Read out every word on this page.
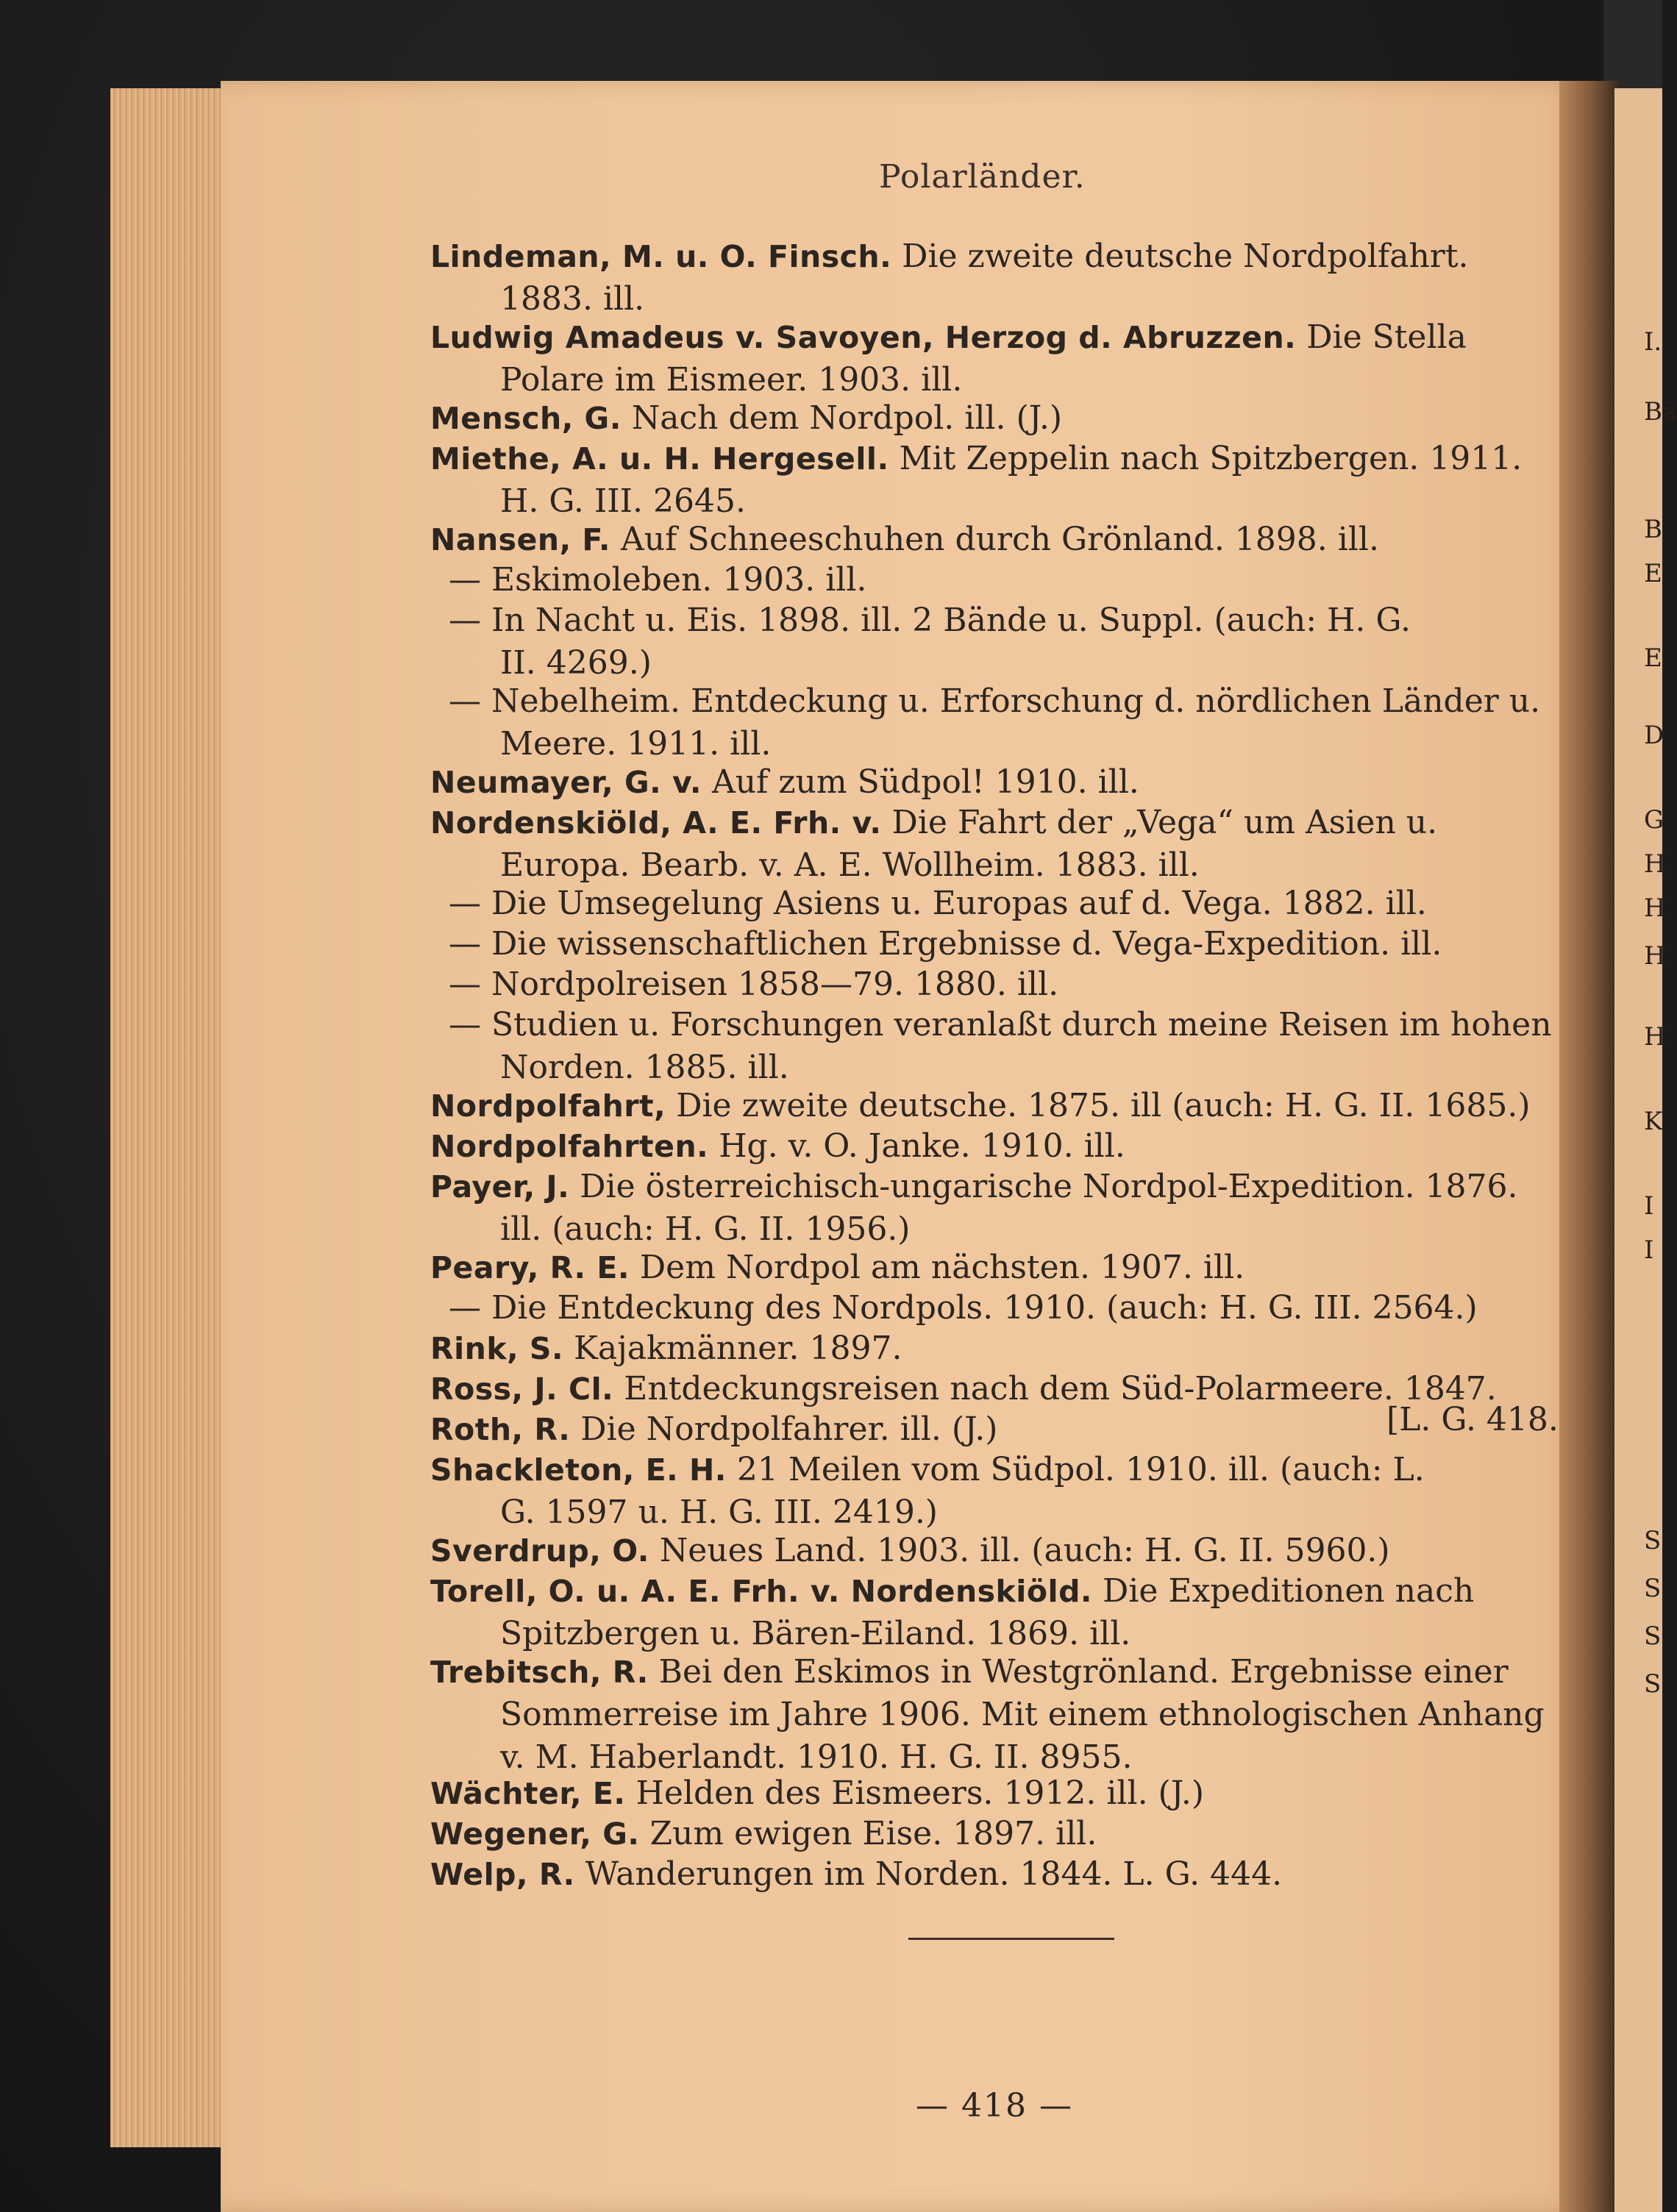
I.
Bä
B
E
E
D
G
H
H
H
H
K
I
I
S
S
S
S
Polarländer.
Lindeman, M. u. O. Finsch. Die zweite deutsche Nordpolfahrt.
1883. ill.
Ludwig Amadeus v. Savoyen, Herzog d. Abruzzen. Die Stella
Polare im Eismeer. 1903. ill.
Mensch, G. Nach dem Nordpol. ill. (J.)
Miethe, A. u. H. Hergesell. Mit Zeppelin nach Spitzbergen. 1911.
H. G. III. 2645.
Nansen, F. Auf Schneeschuhen durch Grönland. 1898. ill.
— Eskimoleben. 1903. ill.
— In Nacht u. Eis. 1898. ill. 2 Bände u. Suppl. (auch: H. G.
II. 4269.)
— Nebelheim. Entdeckung u. Erforschung d. nördlichen Länder u.
Meere. 1911. ill.
Neumayer, G. v. Auf zum Südpol! 1910. ill.
Nordenskiöld, A. E. Frh. v. Die Fahrt der „Vega“ um Asien u.
Europa. Bearb. v. A. E. Wollheim. 1883. ill.
— Die Umsegelung Asiens u. Europas auf d. Vega. 1882. ill.
— Die wissenschaftlichen Ergebnisse d. Vega-Expedition. ill.
— Nordpolreisen 1858—79. 1880. ill.
— Studien u. Forschungen veranlaßt durch meine Reisen im hohen
Norden. 1885. ill.
Nordpolfahrt, Die zweite deutsche. 1875. ill (auch: H. G. II. 1685.)
Nordpolfahrten. Hg. v. O. Janke. 1910. ill.
Payer, J. Die österreichisch-ungarische Nordpol-Expedition. 1876.
ill. (auch: H. G. II. 1956.)
Peary, R. E. Dem Nordpol am nächsten. 1907. ill.
— Die Entdeckung des Nordpols. 1910. (auch: H. G. III. 2564.)
Rink, S. Kajakmänner. 1897.
Ross, J. Cl. Entdeckungsreisen nach dem Süd-Polarmeere. 1847.
[L. G. 418.
Roth, R. Die Nordpolfahrer. ill. (J.)
Shackleton, E. H. 21 Meilen vom Südpol. 1910. ill. (auch: L.
G. 1597 u. H. G. III. 2419.)
Sverdrup, O. Neues Land. 1903. ill. (auch: H. G. II. 5960.)
Torell, O. u. A. E. Frh. v. Nordenskiöld. Die Expeditionen nach
Spitzbergen u. Bären-Eiland. 1869. ill.
Trebitsch, R. Bei den Eskimos in Westgrönland. Ergebnisse einer
Sommerreise im Jahre 1906. Mit einem ethnologischen Anhang
v. M. Haberlandt. 1910. H. G. II. 8955.
Wächter, E. Helden des Eismeers. 1912. ill. (J.)
Wegener, G. Zum ewigen Eise. 1897. ill.
Welp, R. Wanderungen im Norden. 1844. L. G. 444.
— 418 —
